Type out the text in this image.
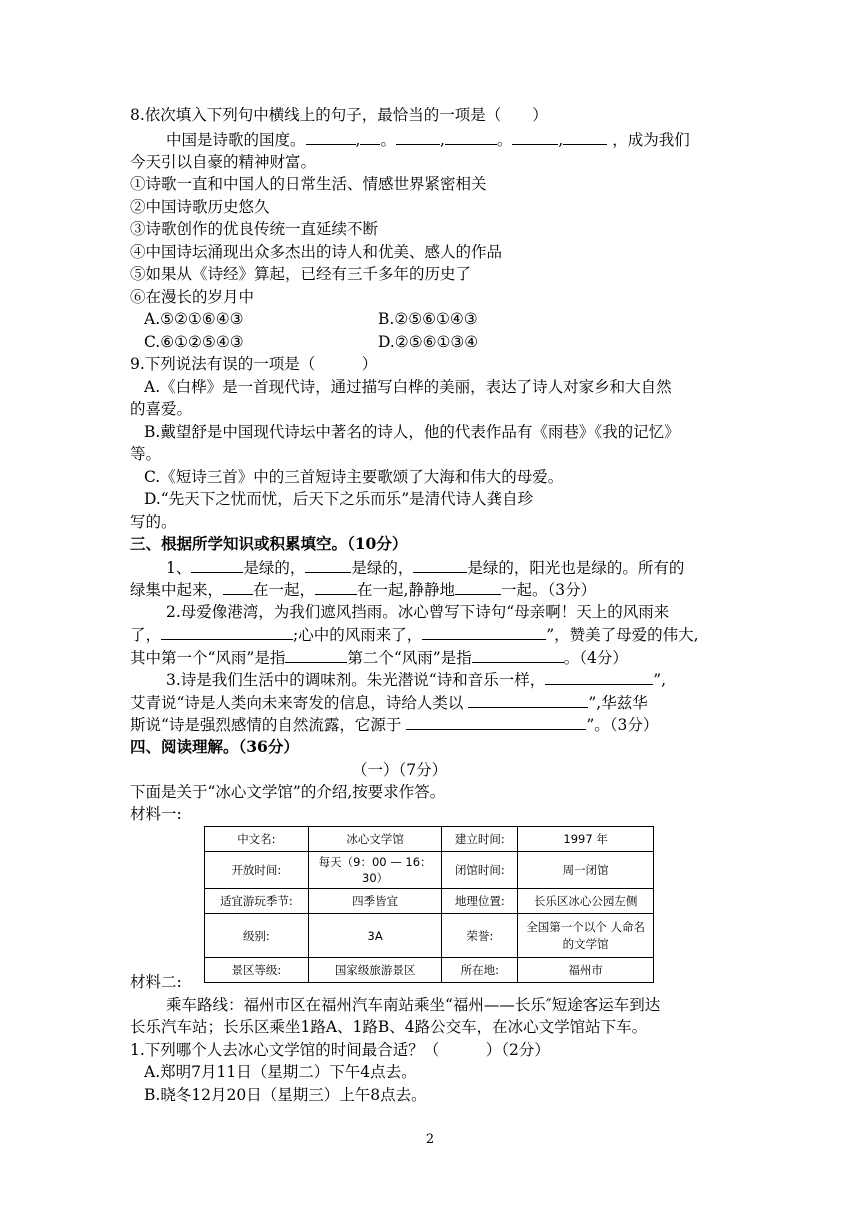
8.依次填入下列句中横线上的句子，最恰当的一项是（　　）
中国是诗歌的国度。	, 。	,	。	,	，成为我们
今天引以自豪的精神财富。
①诗歌一直和中国人的日常生活、情感世界紧密相关
②中国诗歌历史悠久
③诗歌创作的优良传统一直延续不断
④中国诗坛涌现出众多杰出的诗人和优美、感人的作品
⑤如果从《诗经》算起，已经有三千多年的历史了
⑥在漫长的岁月中
A.⑤②①⑥④③	B.②⑤⑥①④③
C.⑥①②⑤④③	D.②⑤⑥①③④
9.下列说法有误的一项是（　　　）
A.《白桦》是一首现代诗，通过描写白桦的美丽，表达了诗人对家乡和大自然
的喜爱。
B.戴望舒是中国现代诗坛中著名的诗人，他的代表作品有《雨巷》《我的记忆》
等。
C.《短诗三首》中的三首短诗主要歌颂了大海和伟大的母爱。
D.“先天下之忧而忧，后天下之乐而乐”是清代诗人龚自珍
写的。
三、根据所学知识或积累填空。（10分）
1、	是绿的，	是绿的，	是绿的，阳光也是绿的。所有的
绿集中起来， 在一起，	在一起,静静地	一起。（3分）
2.母爱像港湾，为我们遮风挡雨。冰心曾写下诗句“母亲啊！天上的风雨来
了，	;心中的风雨来了，	”，赞美了母爱的伟大,
其中第一个“风雨”是指	第二个“风雨”是指	。（4分）
3.诗是我们生活中的调味剂。朱光潜说“诗和音乐一样，	”,
艾青说“诗是人类向未来寄发的信息，诗给人类以	”,华兹华
斯说“诗是强烈感情的自然流露，它源于	”。（3分）
四、阅读理解。（36分）
（一）（7分）
下面是关于“冰心文学馆”的介绍,按要求作答。
材料一:
中文名:	冰心文学馆	建立时间:	1997 年
开放时间:	每天（9：00 — 16：30）	闭馆时间:	周一闭馆
适宜游玩季节:	四季皆宜	地理位置:	长乐区冰心公园左侧
级别:	3A	荣誉:	全国第一个以个 人命名的文学馆
景区等级:	国家级旅游景区	所在地:	福州市
材料二:
乘车路线：福州市区在福州汽车南站乘坐“福州——长乐″短途客运车到达
长乐汽车站；长乐区乘坐1路A、1路B、4路公交车，在冰心文学馆站下车。
1.下列哪个人去冰心文学馆的时间最合适？（　　　）（2分）
A.郑明7月11日（星期二）下午4点去。
B.晓冬12月20日（星期三）上午8点去。
2
